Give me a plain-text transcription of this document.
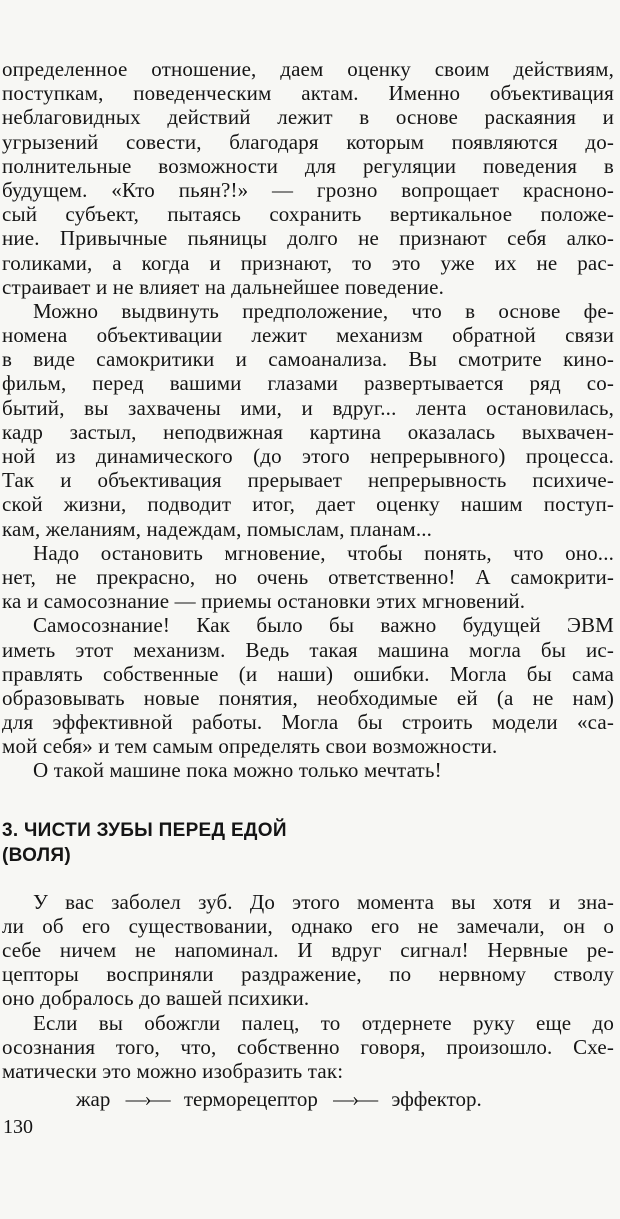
определенное отношение, даем оценку своим действиям,
поступкам, поведенческим актам. Именно объективация
неблаговидных действий лежит в основе раскаяния и
угрызений совести, благодаря которым появляются до-
полнительные возможности для регуляции поведения в
будущем. «Кто пьян?!» — грозно вопрощает красноно-
сый субъект, пытаясь сохранить вертикальное положе-
ние. Привычные пьяницы долго не признают себя алко-
голиками, а когда и признают, то это уже их не рас-
страивает и не влияет на дальнейшее поведение.
Можно выдвинуть предположение, что в основе фе-
номена объективации лежит механизм обратной связи
в виде самокритики и самоанализа. Вы смотрите кино-
фильм, перед вашими глазами развертывается ряд со-
бытий, вы захвачены ими, и вдруг... лента остановилась,
кадр застыл, неподвижная картина оказалась выхвачен-
ной из динамического (до этого непрерывного) процесса.
Так и объективация прерывает непрерывность психиче-
ской жизни, подводит итог, дает оценку нашим поступ-
кам, желаниям, надеждам, помыслам, планам...
Надо остановить мгновение, чтобы понять, что оно...
нет, не прекрасно, но очень ответственно! А самокрити-
ка и самосознание — приемы остановки этих мгновений.
Самосознание! Как было бы важно будущей ЭВМ
иметь этот механизм. Ведь такая машина могла бы ис-
правлять собственные (и наши) ошибки. Могла бы сама
образовывать новые понятия, необходимые ей (а не нам)
для эффективной работы. Могла бы строить модели «са-
мой себя» и тем самым определять свои возможности.
О такой машине пока можно только мечтать!
3. ЧИСТИ ЗУБЫ ПЕРЕД ЕДОЙ
(ВОЛЯ)
У вас заболел зуб. До этого момента вы хотя и зна-
ли об его существовании, однако его не замечали, он о
себе ничем не напоминал. И вдруг сигнал! Нервные ре-
цепторы восприняли раздражение, по нервному стволу
оно добралось до вашей психики.
Если вы обожгли палец, то отдернете руку еще до
осознания того, что, собственно говоря, произошло. Схе-
матически это можно изобразить так:
жар —›— терморецептор —›— эффектор.
130
